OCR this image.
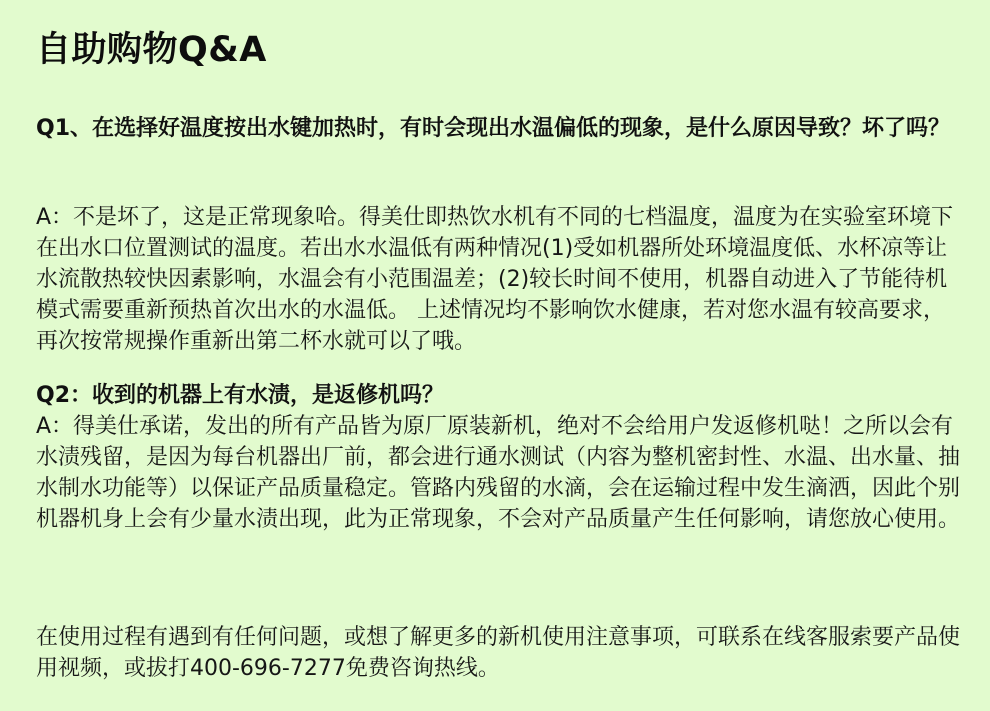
自助购物Q&A

Q1、在选择好温度按出水键加热时，有时会现出水温偏低的现象，是什么原因导致？坏了吗？

A：不是坏了，这是正常现象哈。得美仕即热饮水机有不同的七档温度，温度为在实验室环境下在出水口位置测试的温度。若出水水温低有两种情况(1)受如机器所处环境温度低、水杯凉等让水流散热较快因素影响，水温会有小范围温差；(2)较长时间不使用，机器自动进入了节能待机模式需要重新预热首次出水的水温低。 上述情况均不影响饮水健康，若对您水温有较高要求，再次按常规操作重新出第二杯水就可以了哦。

Q2：收到的机器上有水渍，是返修机吗？

A：得美仕承诺，发出的所有产品皆为原厂原装新机，绝对不会给用户发返修机哒！之所以会有水渍残留，是因为每台机器出厂前，都会进行通水测试（内容为整机密封性、水温、出水量、抽水制水功能等）以保证产品质量稳定。管路内残留的水滴，会在运输过程中发生滴洒，因此个别机器机身上会有少量水渍出现，此为正常现象，不会对产品质量产生任何影响，请您放心使用。

在使用过程有遇到有任何问题，或想了解更多的新机使用注意事项，可联系在线客服索要产品使用视频，或拔打400-696-7277免费咨询热线。
